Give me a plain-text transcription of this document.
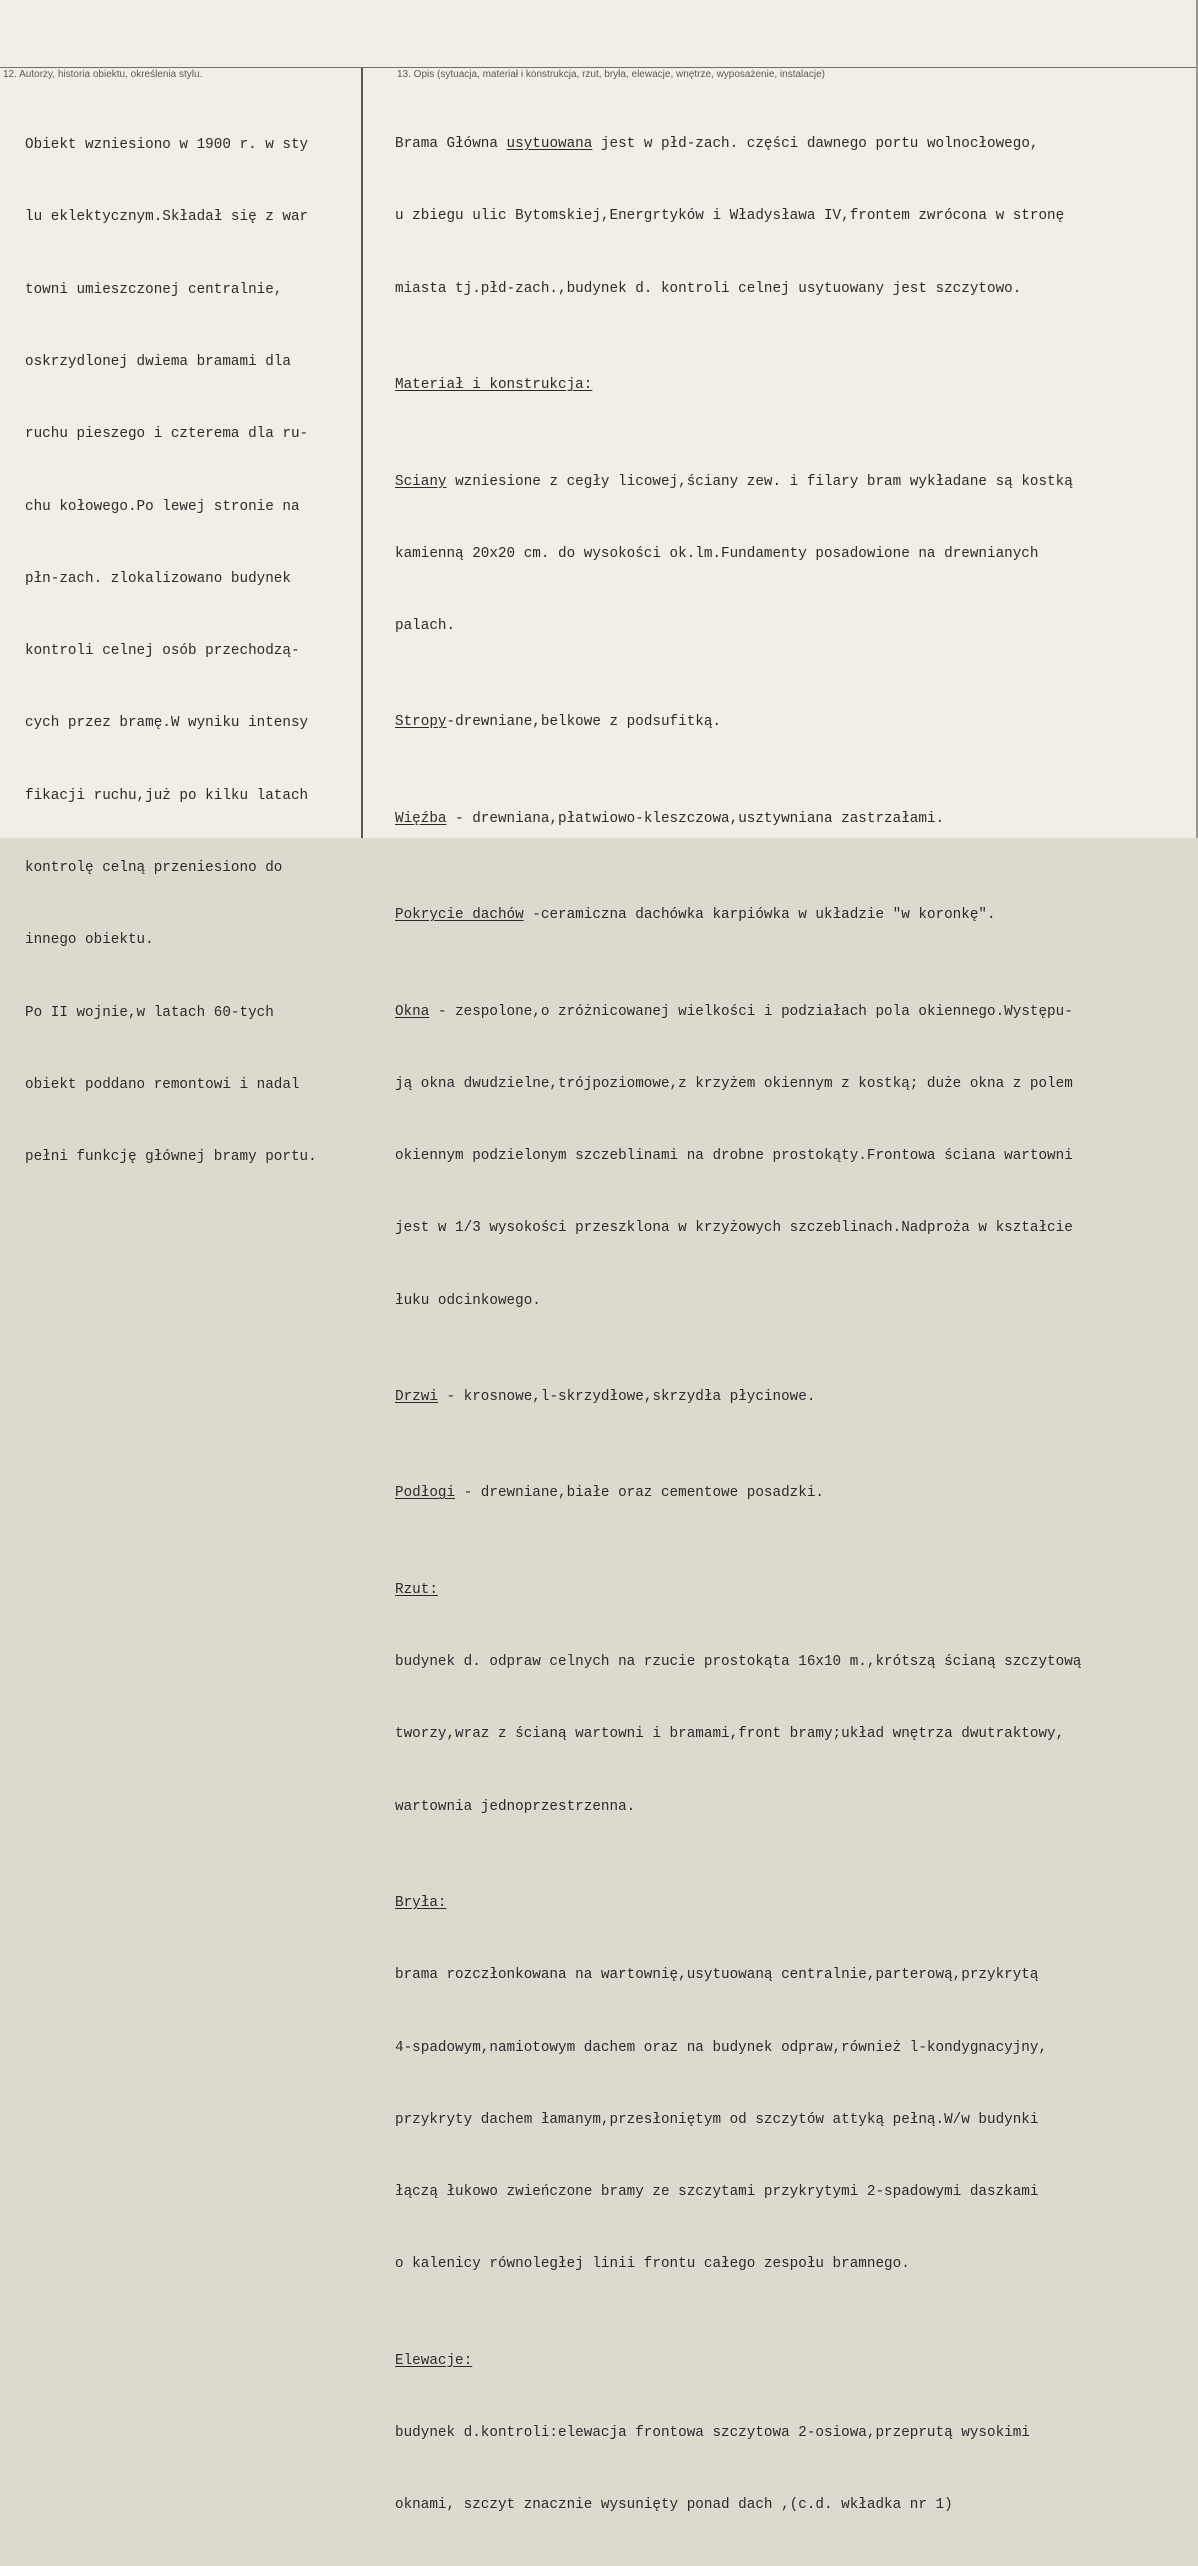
12. Autorzy, historia obiektu, określenia stylu.	13. Opis (sytuacja, materiał i konstrukcja, rzut, bryła, elewacje, wnętrze, wyposażenie, instalacje)

Obiekt wzniesiono w 1900 r. w sty

lu eklektycznym.Składał się z war

towni umieszczonej centralnie,

oskrzydlonej dwiema bramami dla

ruchu pieszego i czterema dla ru-

chu kołowego.Po lewej stronie na

płn-zach. zlokalizowano budynek

kontroli celnej osób przechodzą-

cych przez bramę.W wyniku intensy

fikacji ruchu,już po kilku latach

kontrolę celną przeniesiono do

innego obiektu.

Po II wojnie,w latach 60-tych

obiekt poddano remontowi i nadal

pełni funkcję głównej bramy portu.

Brama Główna usytuowana jest w płd-zach. części dawnego portu wolnocłowego,

u zbiegu ulic Bytomskiej,Energrtyków i Władysława IV,frontem zwrócona w stronę

miasta tj.płd-zach.,budynek d. kontroli celnej usytuowany jest szczytowo.

Materiał i konstrukcja:

Sciany wzniesione z cegły licowej,ściany zew. i filary bram wykładane są kostką

kamienną 20x20 cm. do wysokości ok.lm.Fundamenty posadowione na drewnianych

palach.

Stropy-drewniane,belkowe z podsufitką.

Więźba - drewniana,płatwiowo-kleszczowa,usztywniana zastrzałami.

Pokrycie dachów -ceramiczna dachówka karpiówka w układzie "w koronkę".

Okna - zespolone,o zróżnicowanej wielkości i podziałach pola okiennego.Występu-

ją okna dwudzielne,trójpoziomowe,z krzyżem okiennym z kostką; duże okna z polem

okiennym podzielonym szczeblinami na drobne prostokąty.Frontowa ściana wartowni

jest w 1/3 wysokości przeszklona w krzyżowych szczeblinach.Nadproża w kształcie

łuku odcinkowego.

Drzwi - krosnowe,l-skrzydłowe,skrzydła płycinowe.

Podłogi - drewniane,białe oraz cementowe posadzki.

Rzut:

budynek d. odpraw celnych na rzucie prostokąta 16x10 m.,krótszą ścianą szczytową

tworzy,wraz z ścianą wartowni i bramami,front bramy;układ wnętrza dwutraktowy,

wartownia jednoprzestrzenna.

Bryła:

brama rozczłonkowana na wartownię,usytuowaną centralnie,parterową,przykrytą

4-spadowym,namiotowym dachem oraz na budynek odpraw,również l-kondygnacyjny,

przykryty dachem łamanym,przesłoniętym od szczytów attyką pełną.W/w budynki

łączą łukowo zwieńczone bramy ze szczytami przykrytymi 2-spadowymi daszkami

o kalenicy równoległej linii frontu całego zespołu bramnego.

Elewacje:

budynek d.kontroli:elewacja frontowa szczytowa 2-osiowa,przeprutą wysokimi

oknami, szczyt znacznie wysunięty ponad dach ,(c.d. wkładka nr 1)
